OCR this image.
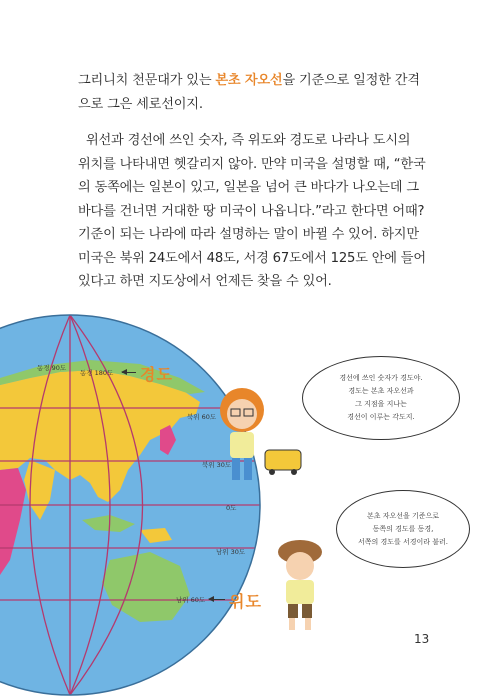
그리니치 천문대가 있는 본초 자오선을 기준으로 일정한 간격
으로 그은 세로선이지.

위선과 경선에 쓰인 숫자, 즉 위도와 경도로 나라나 도시의
위치를 나타내면 헷갈리지 않아. 만약 미국을 설명할 때, “한국
의 동쪽에는 일본이 있고, 일본을 넘어 큰 바다가 나오는데 그
바다를 건너면 거대한 땅 미국이 나옵니다.”라고 한다면 어때?
기준이 되는 나라에 따라 설명하는 말이 바뀔 수 있어. 하지만
미국은 북위 24도에서 48도, 서경 67도에서 125도 안에 들어
있다고 하면 지도상에서 언제든 찾을 수 있어.

동경 90도
동경 180도
북위 60도
북위 30도
0도
남위 30도
남위 60도
경도
위도
경선에 쓰인 숫자가 경도야.
경도는 본초 자오선과
그 지점을 지나는
경선이 이루는 각도지.
본초 자오선을 기준으로
동쪽의 경도를 동경,
서쪽의 경도를 서경이라 불러.
13
